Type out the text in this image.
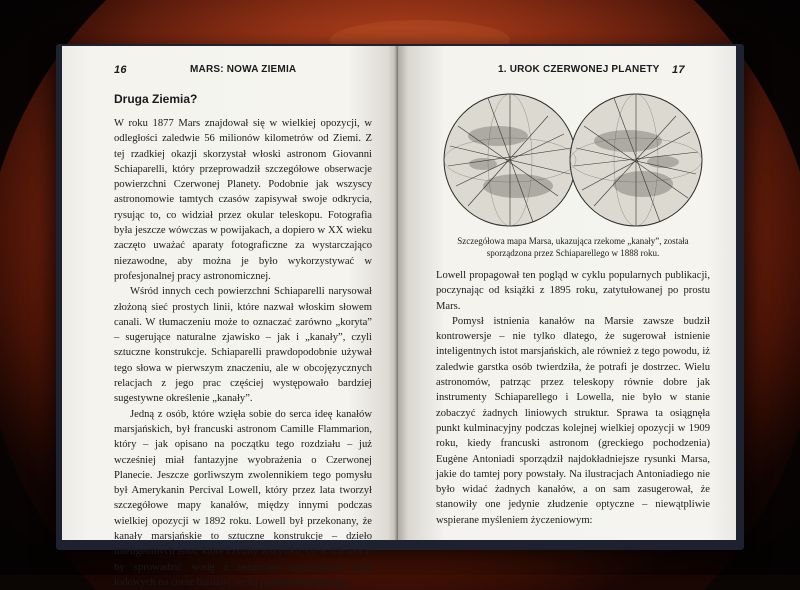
16	MARS: NOWA ZIEMIA
Druga Ziemia?

W roku 1877 Mars znajdował się w wielkiej opozycji, w odległości zaledwie 56 milionów kilometrów od Ziemi. Z tej rzadkiej okazji skorzystał włoski astronom Giovanni Schiaparelli, który przeprowadził szczegółowe obserwacje powierzchni Czerwonej Planety. Podobnie jak wszyscy astronomowie tamtych czasów zapisywał swoje odkrycia, rysując to, co widział przez okular teleskopu. Fotografia była jeszcze wówczas w powijakach, a dopiero w XX wieku zaczęto uważać aparaty fotograficzne za wystarczająco niezawodne, aby można je było wykorzystywać w profesjonalnej pracy astronomicznej.

Wśród innych cech powierzchni Schiaparelli narysował złożoną sieć prostych linii, które nazwał włoskim słowem canali. W tłumaczeniu może to oznaczać zarówno „koryta” – sugerujące naturalne zjawisko – jak i „kanały”, czyli sztuczne konstrukcje. Schiaparelli prawdopodobnie używał tego słowa w pierwszym znaczeniu, ale w obcojęzycznych relacjach z jego prac częściej występowało bardziej sugestywne określenie „kanały”.

Jedną z osób, które wzięła sobie do serca ideę kanałów marsjańskich, był francuski astronom Camille Flammarion, który – jak opisano na początku tego rozdziału – już wcześniej miał fantazyjne wyobrażenia o Czerwonej Planecie. Jeszcze gorliwszym zwolennikiem tego pomysłu był Amerykanin Percival Lowell, który przez lata tworzył szczegółowe mapy kanałów, między innymi podczas wielkiej opozycji w 1892 roku. Lowell był przekonany, że kanały marsjańskie to sztuczne konstrukcje – dzieło inteligentnych istot, które czyniły wszystko, co w ich mocy, by sprowadzić wodę z sezonowo topniejących czap lodowych na coraz bardziej suchą pustynię marsjańską.

1. UROK CZERWONEJ PLANETY 17
Szczegółowa mapa Marsa, ukazująca rzekome „kanały”, została
sporządzona przez Schiaparellego w 1888 roku.

Lowell propagował ten pogląd w cyklu popularnych publikacji, poczynając od książki z 1895 roku, zatytułowanej po prostu Mars.

Pomysł istnienia kanałów na Marsie zawsze budził kontrowersje – nie tylko dlatego, że sugerował istnienie inteligentnych istot marsjańskich, ale również z tego powodu, iż zaledwie garstka osób twierdziła, że potrafi je dostrzec. Wielu astronomów, patrząc przez teleskopy równie dobre jak instrumenty Schiaparellego i Lowella, nie było w stanie zobaczyć żadnych liniowych struktur. Sprawa ta osiągnęła punkt kulminacyjny podczas kolejnej wielkiej opozycji w 1909 roku, kiedy francuski astronom (greckiego pochodzenia) Eugène Antoniadi sporządził najdokładniejsze rysunki Marsa, jakie do tamtej pory powstały. Na ilustracjach Antoniadiego nie było widać żadnych kanałów, a on sam zasugerował, że stanowiły one jedynie złudzenie optyczne – niewątpliwie wspierane myśleniem życzeniowym:
